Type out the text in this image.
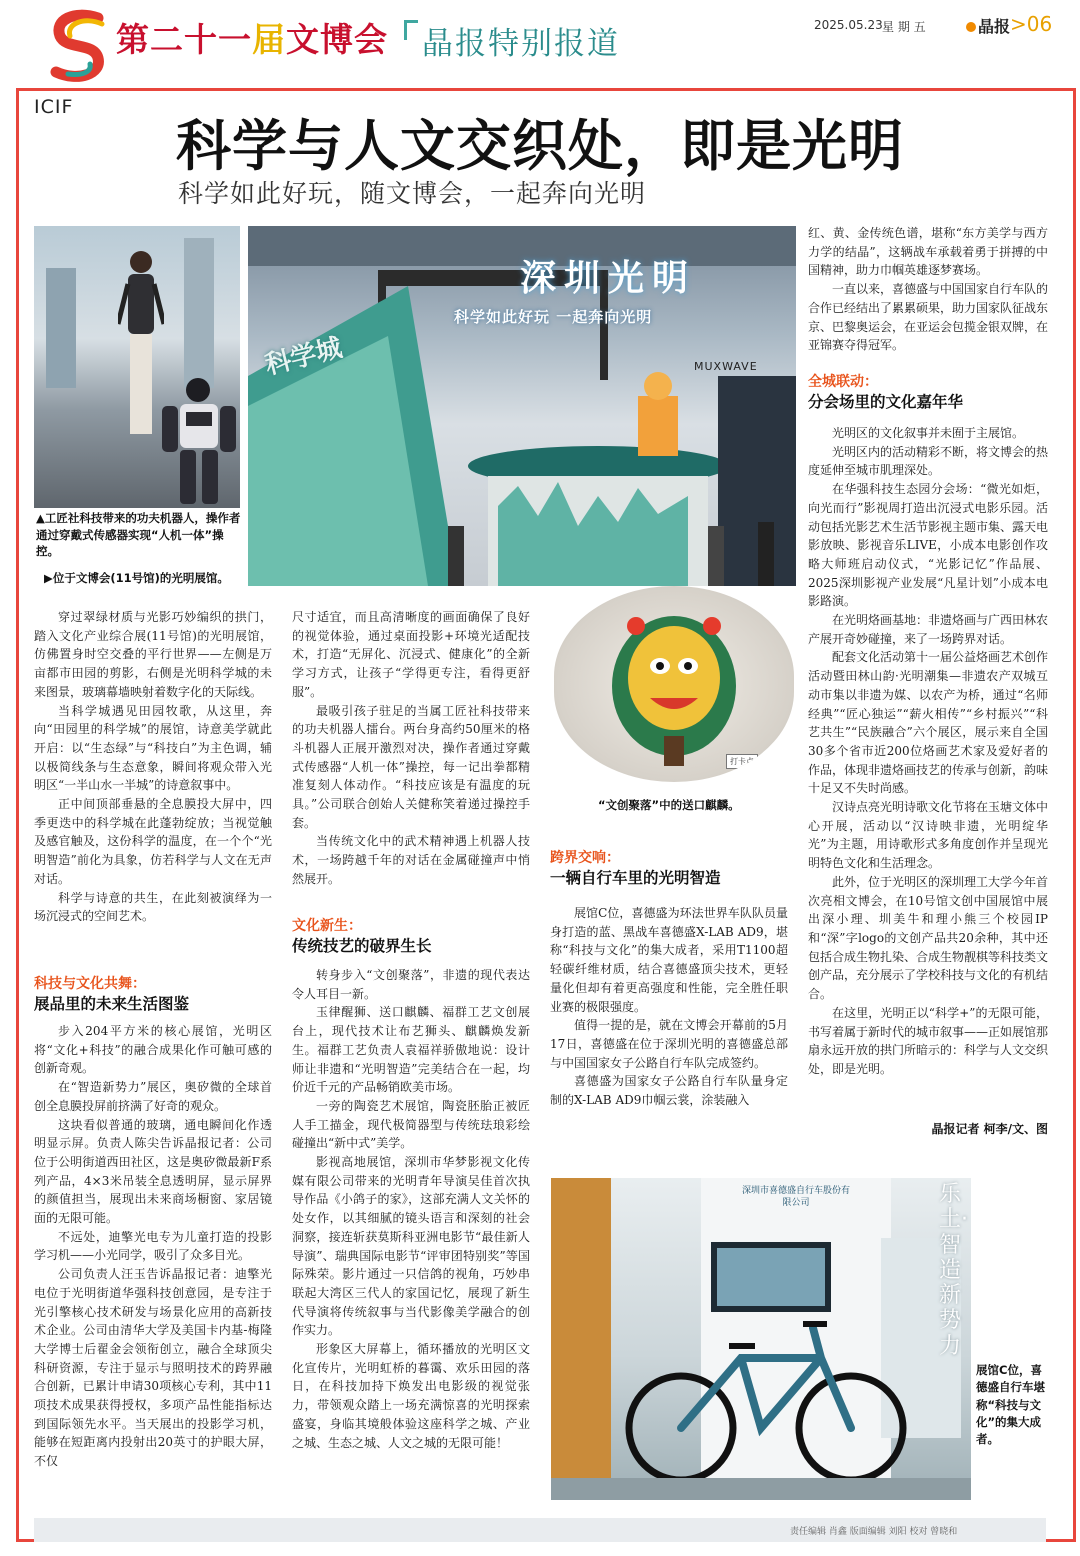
第二十一届文博会 晶报特别报道
2025.05.23 星 期 五	晶报 >06
ICIF
科学与人文交织处，即是光明
科学如此好玩，随文博会，一起奔向光明
▲工匠社科技带来的功夫机器人，操作者通过穿戴式传感器实现“人机一体”操控。
深圳光明
科学如此好玩 一起奔向光明
科学城	MUXWAVE
▶位于文博会(11号馆)的光明展馆。
打卡点
“文创聚落”中的送口麒麟。
深圳市喜德盛自行车股份有限公司	乐土·智造新势力
展馆C位，喜德盛自行车堪称“科技与文化”的集大成者。

穿过翠绿材质与光影巧妙编织的拱门，踏入文化产业综合展(11号馆)的光明展馆，仿佛置身时空交叠的平行世界——左侧是万亩都市田园的剪影，右侧是光明科学城的未来图景，玻璃幕墙映射着数字化的天际线。

当科学城遇见田园牧歌，从这里，奔向“田园里的科学城”的展馆，诗意美学就此开启：以“生态绿”与“科技白”为主色调，辅以极简线条与生态意象，瞬间将观众带入光明区“一半山水一半城”的诗意叙事中。

正中间顶部垂悬的全息膜投大屏中，四季更迭中的科学城在此蓬勃绽放；当视觉触及感官触及，这份科学的温度，在一个个“光明智造”前化为具象，仿若科学与人文在无声对话。

科学与诗意的共生，在此刻被演绎为一场沉浸式的空间艺术。

科技与文化共舞：
展品里的未来生活图鉴

步入204平方米的核心展馆，光明区将“文化+科技”的融合成果化作可触可感的创新奇观。

在“智造新势力”展区，奥矽微的全球首创全息膜投屏前挤满了好奇的观众。

这块看似普通的玻璃，通电瞬间化作透明显示屏。负责人陈尖告诉晶报记者：公司位于公明街道西田社区，这是奥矽微最新F系列产品，4×3米吊装全息透明屏，显示屏界的颜值担当，展现出未来商场橱窗、家居镜面的无限可能。

不远处，迪擎光电专为儿童打造的投影学习机——小光同学，吸引了众多目光。

公司负责人汪玉告诉晶报记者：迪擎光电位于光明街道华强科技创意园，是专注于光引擎核心技术研发与场景化应用的高新技术企业。公司由清华大学及美国卡内基-梅隆大学博士后翟金会领衔创立，融合全球顶尖科研资源，专注于显示与照明技术的跨界融合创新，已累计申请30项核心专利，其中11项技术成果获得授权，多项产品性能指标达到国际领先水平。当天展出的投影学习机，能够在短距离内投射出20英寸的护眼大屏，不仅

尺寸适宜，而且高清晰度的画面确保了良好的视觉体验，通过桌面投影+环境光适配技术，打造“无屏化、沉浸式、健康化”的全新学习方式，让孩子“学得更专注，看得更舒服”。

最吸引孩子驻足的当属工匠社科技带来的功夫机器人擂台。两台身高约50厘米的格斗机器人正展开激烈对决，操作者通过穿戴式传感器“人机一体”操控，每一记出拳都精准复刻人体动作。“科技应该是有温度的玩具。”公司联合创始人关健称笑着递过操控手套。

当传统文化中的武术精神遇上机器人技术，一场跨越千年的对话在金属碰撞声中悄然展开。

文化新生：
传统技艺的破界生长

转身步入“文创聚落”，非遗的现代表达令人耳目一新。

玉律醒狮、送口麒麟、福群工艺文创展台上，现代技术让布艺狮头、麒麟焕发新生。福群工艺负责人袁福祥骄傲地说：设计师让非遗和“光明智造”完美结合在一起，均价近千元的产品畅销欧美市场。

一旁的陶瓷艺术展馆，陶瓷胚胎正被匠人手工描金，现代极简器型与传统珐琅彩绘碰撞出“新中式”美学。

影视高地展馆，深圳市华梦影视文化传媒有限公司带来的光明青年导演吴佳首次执导作品《小鸽子的家》，这部充满人文关怀的处女作，以其细腻的镜头语言和深刻的社会洞察，接连斩获莫斯科亚洲电影节“最佳新人导演”、瑞典国际电影节“评审团特别奖”等国际殊荣。影片通过一只信鸽的视角，巧妙串联起大湾区三代人的家国记忆，展现了新生代导演将传统叙事与当代影像美学融合的创作实力。

形象区大屏幕上，循环播放的光明区文化宣传片，光明虹桥的暮霭、欢乐田园的落日，在科技加持下焕发出电影级的视觉张力，带领观众踏上一场充满惊喜的光明探索盛宴，身临其境般体验这座科学之城、产业之城、生态之城、人文之城的无限可能！

跨界交响：
一辆自行车里的光明智造

展馆C位，喜德盛为环法世界车队队员量身打造的蓝、黑战车喜德盛X-LAB AD9，堪称“科技与文化”的集大成者，采用T1100超轻碳纤维材质，结合喜德盛顶尖技术，更轻量化但却有着更高强度和性能，完全胜任职业赛的极限强度。

值得一提的是，就在文博会开幕前的5月17日，喜德盛在位于深圳光明的喜德盛总部与中国国家女子公路自行车队完成签约。

喜德盛为国家女子公路自行车队量身定制的X-LAB AD9巾帼云裳，涂装融入

红、黄、金传统色谱，堪称“东方美学与西方力学的结晶”，这辆战车承载着勇于拼搏的中国精神，助力巾帼英雄逐梦赛场。

一直以来，喜德盛与中国国家自行车队的合作已经结出了累累硕果，助力国家队征战东京、巴黎奥运会，在亚运会包揽金银双牌，在亚锦赛夺得冠军。

全城联动：
分会场里的文化嘉年华

光明区的文化叙事并未囿于主展馆。

光明区内的活动精彩不断，将文博会的热度延伸至城市肌理深处。

在华强科技生态园分会场：“微光如炬，向光而行”影视周打造出沉浸式电影乐园。活动包括光影艺术生活节影视主题市集、露天电影放映、影视音乐LIVE，小成本电影创作攻略大师班启动仪式，“光影记忆”作品展、2025深圳影视产业发展“凡星计划”小成本电影路演。

在光明烙画基地：非遗烙画与广西田林农产展开奇妙碰撞，来了一场跨界对话。

配套文化活动第十一届公益烙画艺术创作活动暨田林山韵·光明潮集—非遗农产双城互动市集以非遗为媒、以农产为桥，通过“名师经典”“匠心独运”“薪火相传”“乡村振兴”“科艺共生”“民族融合”六个展区，展示来自全国30多个省市近200位烙画艺术家及爱好者的作品，体现非遗烙画技艺的传承与创新，韵味十足又不失时尚感。

汉诗点亮光明诗歌文化节将在玉塘文体中心开展，活动以“汉诗映非遗，光明绽华光”为主题，用诗歌形式多角度创作并呈现光明特色文化和生活理念。

此外，位于光明区的深圳理工大学今年首次亮相文博会，在10号馆文创中国展馆中展出深小理、圳美牛和理小熊三个校园IP和“深”字logo的文创产品共20余种，其中还包括合成生物扎染、合成生物靓棋等科技类文创产品，充分展示了学校科技与文化的有机结合。

在这里，光明正以“科学+”的无限可能，书写着属于新时代的城市叙事——正如展馆那扇永远开放的拱门所暗示的：科学与人文交织处，即是光明。

晶报记者 柯李/文、图
责任编辑 肖鑫 版面编辑 刘阳 校对 曾晓和
